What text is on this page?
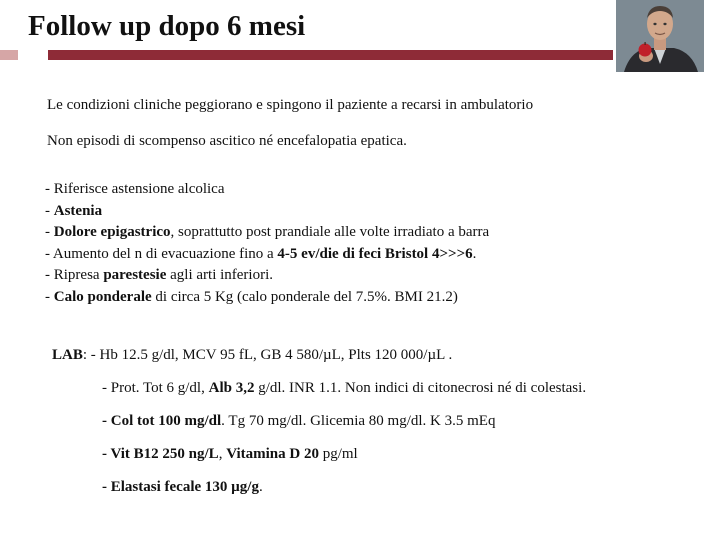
Follow up dopo 6 mesi

Le condizioni cliniche peggiorano e spingono il paziente a recarsi in ambulatorio

Non episodi di scompenso ascitico né encefalopatia epatica.

- Riferisce astensione alcolica
- Astenia
- Dolore epigastrico, soprattutto post prandiale alle volte irradiato a barra
- Aumento del n di evacuazione fino a 4-5 ev/die di feci Bristol 4>>>6.
- Ripresa parestesie agli arti inferiori.
- Calo ponderale di circa 5 Kg (calo ponderale del 7.5%. BMI 21.2)

LAB: - Hb 12.5 g/dl, MCV 95 fL, GB 4 580/µL, Plts 120 000/µL .

- Prot. Tot 6 g/dl, Alb 3,2 g/dl. INR 1.1. Non indici di citonecrosi né di colestasi.

- Col tot 100 mg/dl. Tg 70 mg/dl. Glicemia 80 mg/dl. K 3.5 mEq

- Vit B12 250 ng/L, Vitamina D 20 pg/ml

- Elastasi fecale 130 µg/g.
